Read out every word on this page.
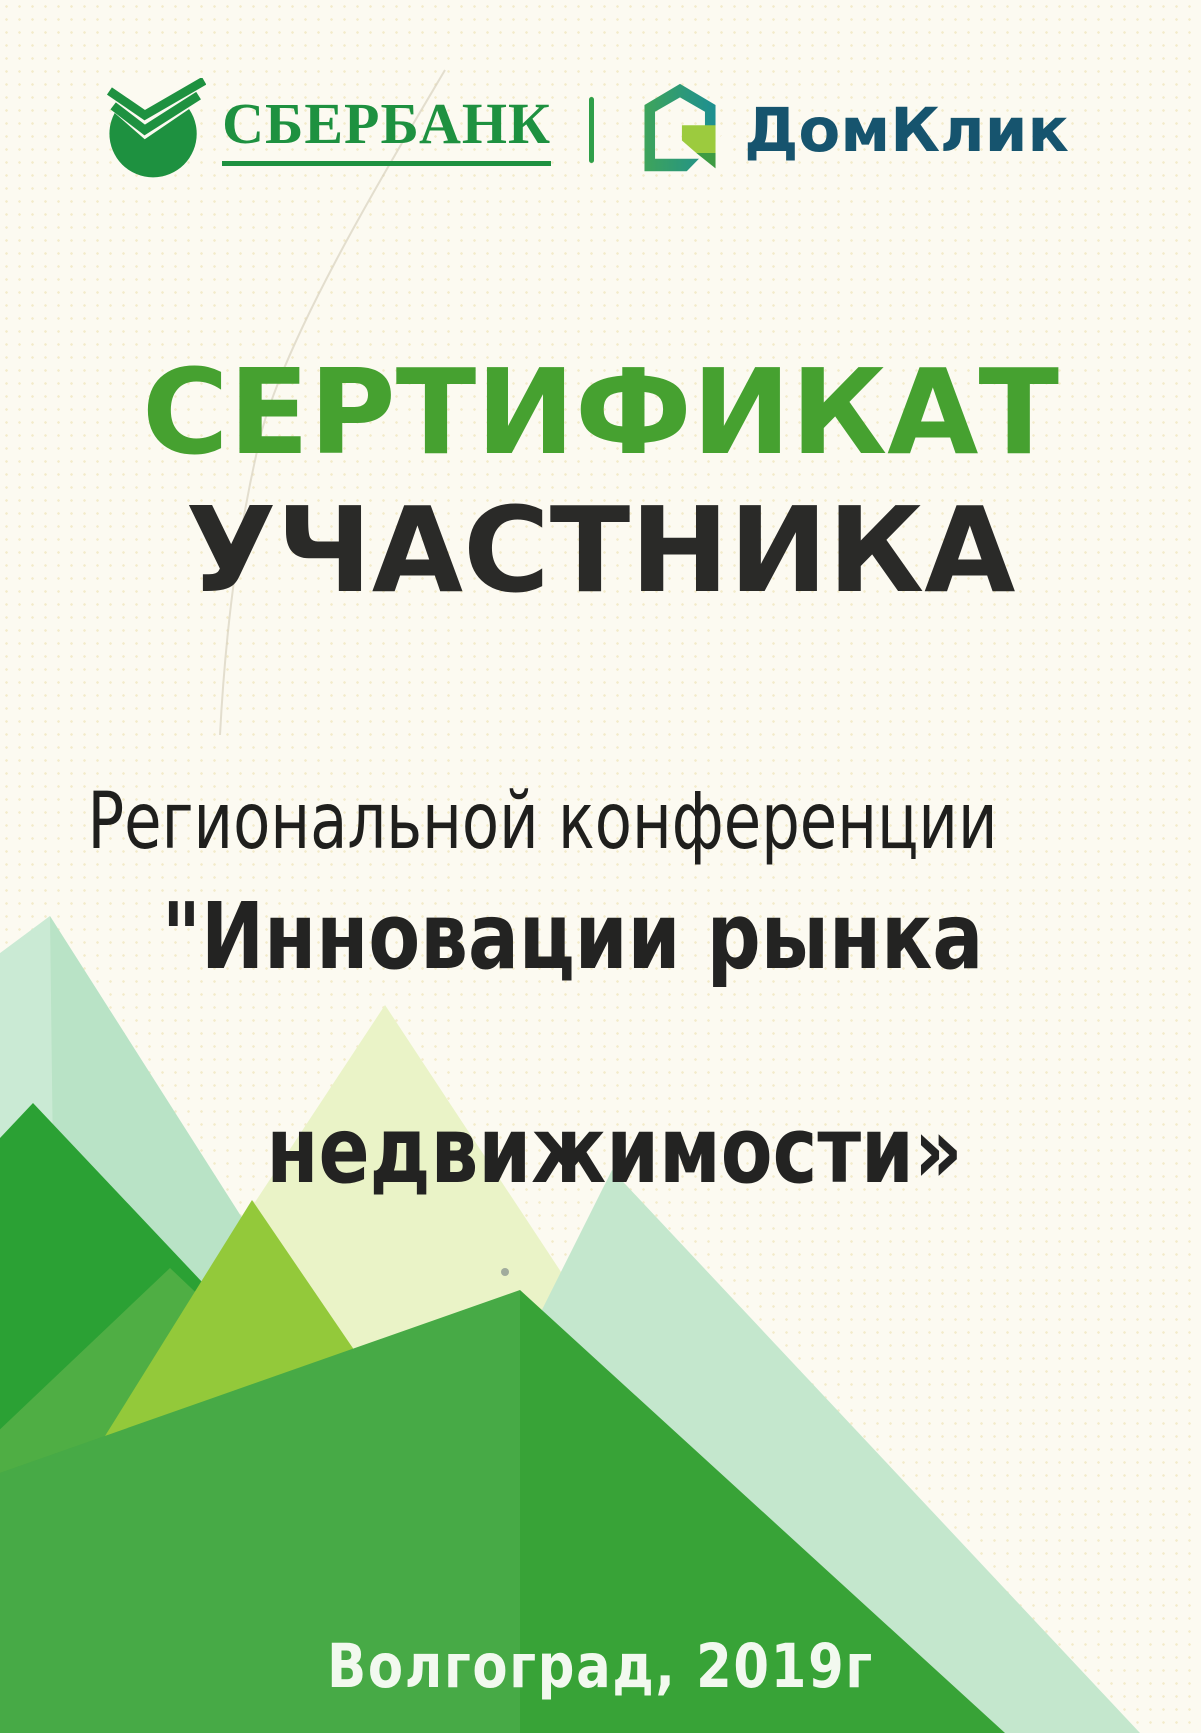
СБЕРБАНК	ДомКлик
СЕРТИФИКАТ
УЧАСТНИКА
Региональной конференции
"Инновации рынка
недвижимости»
Волгоград, 2019г
